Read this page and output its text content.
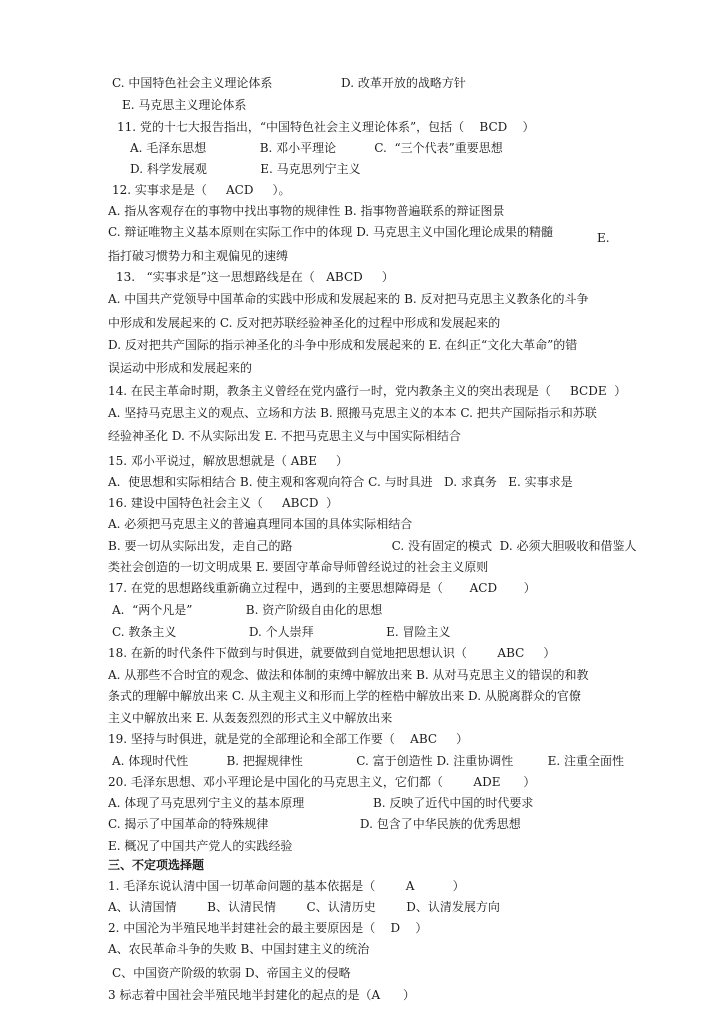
C. 中国特色社会主义理论体系                  D. 改革开放的战略方针

E. 马克思主义理论体系

11. 党的十七大报告指出，“中国特色社会主义理论体系”，包括（    BCD    ）

A. 毛泽东思想              B. 邓小平理论          C.  “三个代表”重要思想

D. 科学发展观              E. 马克思列宁主义

12. 实事求是是（     ACD     ）。

A. 指从客观存在的事物中找出事物的规律性 B. 指事物普遍联系的辩证图景

C. 辩证唯物主义基本原则在实际工作中的体现 D. 马克思主义中国化理论成果的精髓	E.

指打破习惯势力和主观偏见的速缚

13.   “实事求是”这一思想路线是在（   ABCD     ）

A. 中国共产党领导中国革命的实践中形成和发展起来的 B. 反对把马克思主义教条化的斗争

中形成和发展起来的 C. 反对把苏联经验神圣化的过程中形成和发展起来的

D. 反对把共产国际的指示神圣化的斗争中形成和发展起来的 E. 在纠正“文化大革命”的错

误运动中形成和发展起来的

14. 在民主革命时期，教条主义曾经在党内盛行一时，党内教条主义的突出表现是（     BCDE  ）

A. 坚持马克思主义的观点、立场和方法 B. 照搬马克思主义的本本 C. 把共产国际指示和苏联

经验神圣化 D. 不从实际出发 E. 不把马克思主义与中国实际相结合

15. 邓小平说过，解放思想就是（ ABE     ）

A.  使思想和实际相结合 B. 使主观和客观向符合 C. 与时具进   D. 求真务   E. 实事求是

16. 建设中国特色社会主义（     ABCD  ）

A. 必须把马克思主义的普遍真理同本国的具体实际相结合

B. 要一切从实际出发，走自己的路                          C. 没有固定的模式  D. 必须大胆吸收和借鉴人

类社会创造的一切文明成果 E. 要固守革命导师曾经说过的社会主义原则

17. 在党的思想路线重新确立过程中，遇到的主要思想障碍是（       ACD       ）

A.  “两个凡是”              B. 资产阶级自由化的思想

C. 教条主义                   D. 个人崇拜                   E. 冒险主义

18. 在新的时代条件下做到与时俱进，就要做到自觉地把思想认识（        ABC     ）

A. 从那些不合时宜的观念、做法和体制的束缚中解放出来 B. 从对马克思主义的错误的和教

条式的理解中解放出来 C. 从主观主义和形而上学的桎梏中解放出来 D. 从脱离群众的官僚

主义中解放出来 E. 从轰轰烈烈的形式主义中解放出来

19. 坚持与时俱进，就是党的全部理论和全部工作要（    ABC     ）

A. 体现时代性          B. 把握规律性              C. 富于创造性 D. 注重协调性         E. 注重全面性

20. 毛泽东思想、邓小平理论是中国化的马克思主义，它们都（        ADE      ）

A. 体现了马克思列宁主义的基本原理                  B. 反映了近代中国的时代要求

C. 揭示了中国革命的特殊规律                        D. 包含了中华民族的优秀思想

E. 概况了中国共产党人的实践经验

三、不定项选择题

1. 毛泽东说认清中国一切革命问题的基本依据是（        A          ）

A、认清国情        B、认清民情        C、认清历史        D、认清发展方向

2. 中国沦为半殖民地半封建社会的最主要原因是（    D    ）

A、农民革命斗争的失败 B、中国封建主义的统治

C、中国资产阶级的软弱 D、帝国主义的侵略

3 标志着中国社会半殖民地半封建化的起点的是（A      ）
